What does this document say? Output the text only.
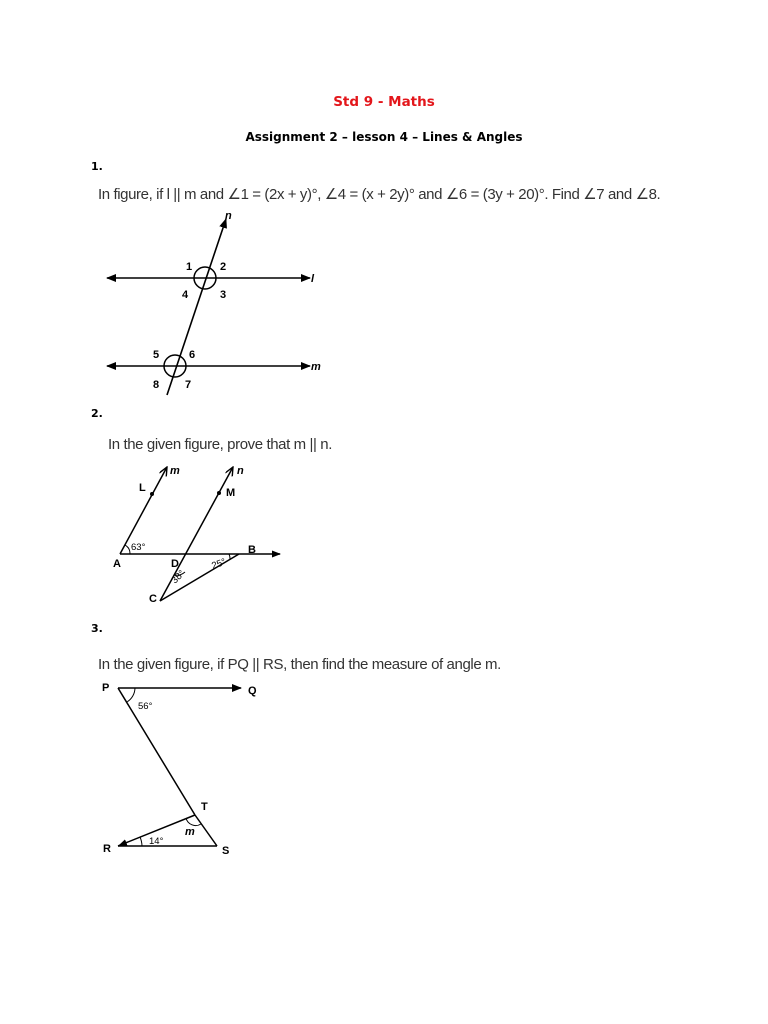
Std 9 - Maths
Assignment 2 – lesson 4 – Lines & Angles
1.
In figure, if l || m and ∠1 = (2x + y)°, ∠4 = (x + 2y)° and ∠6 = (3y + 20)°. Find ∠7 and ∠8.
n
l
m
1	2
3
4
5	6
7
8
2.
In the given figure, prove that m || n.
m	n
L	M
A	D
B
C
63°
38°
25°
3.
In the given figure, if PQ || RS, then find the measure of angle m.
P	Q
T
R	S
56°
14°
m
